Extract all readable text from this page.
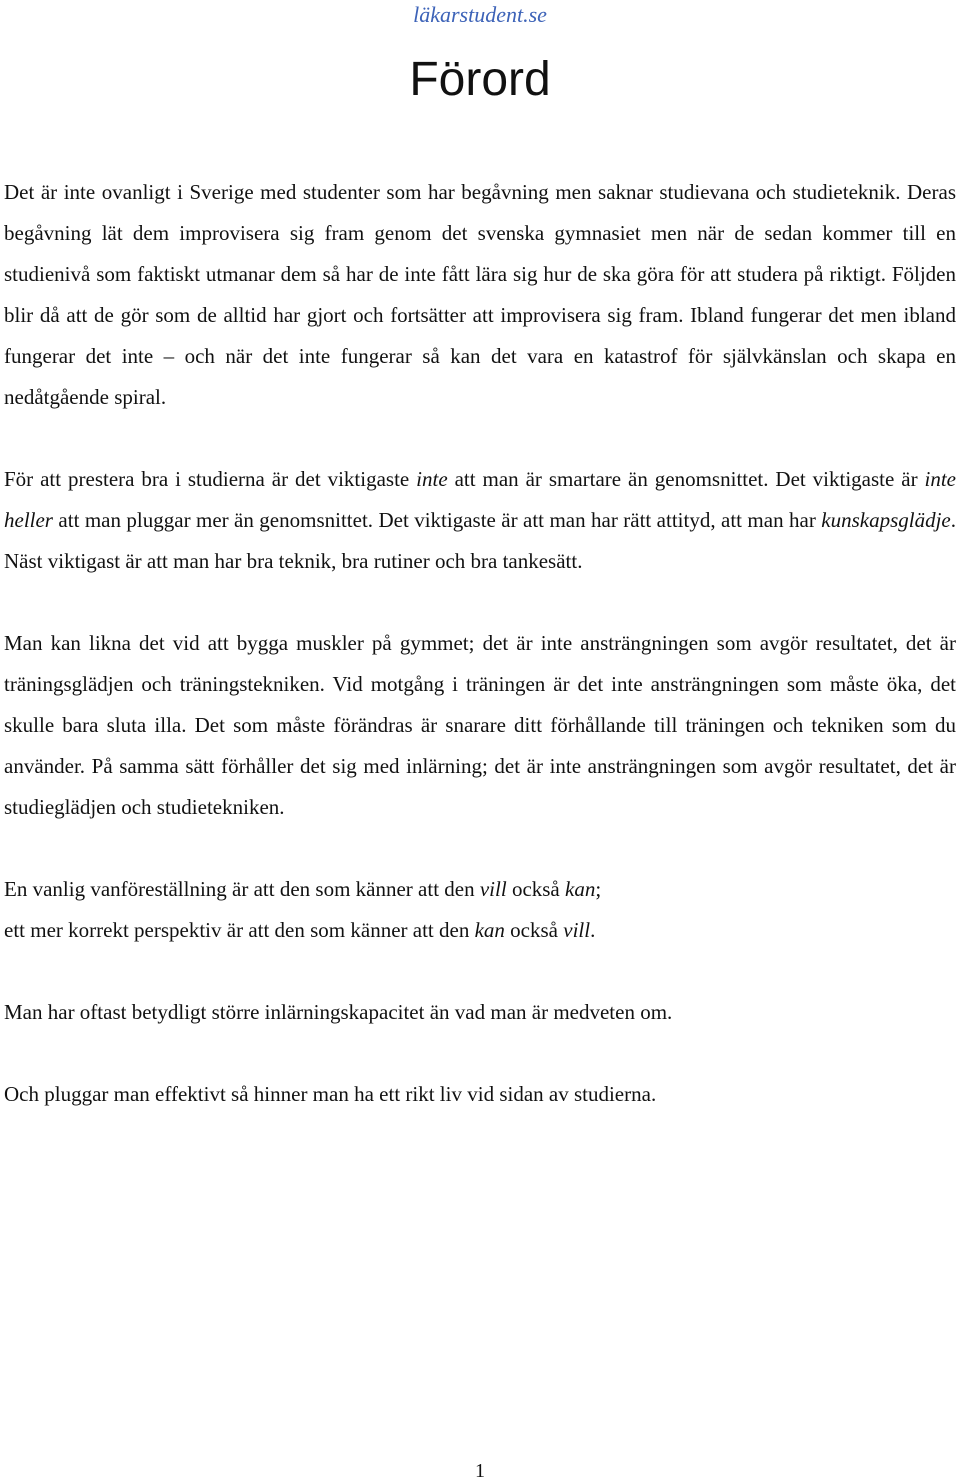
läkarstudent.se
Förord

Det är inte ovanligt i Sverige med studenter som har begåvning men saknar studievana och studieteknik. Deras begåvning lät dem improvisera sig fram genom det svenska gymnasiet men när de sedan kommer till en studienivå som faktiskt utmanar dem så har de inte fått lära sig hur de ska göra för att studera på riktigt. Följden blir då att de gör som de alltid har gjort och fortsätter att improvisera sig fram. Ibland fungerar det men ibland fungerar det inte – och när det inte fungerar så kan det vara en katastrof för självkänslan och skapa en nedåtgående spiral.

För att prestera bra i studierna är det viktigaste inte att man är smartare än genomsnittet. Det viktigaste är inte heller att man pluggar mer än genomsnittet. Det viktigaste är att man har rätt attityd, att man har kunskapsglädje. Näst viktigast är att man har bra teknik, bra rutiner och bra tankesätt.

Man kan likna det vid att bygga muskler på gymmet; det är inte ansträngningen som avgör resultatet, det är träningsglädjen och träningstekniken. Vid motgång i träningen är det inte ansträngningen som måste öka, det skulle bara sluta illa. Det som måste förändras är snarare ditt förhållande till träningen och tekniken som du använder. På samma sätt förhåller det sig med inlärning; det är inte ansträngningen som avgör resultatet, det är studieglädjen och studietekniken.

En vanlig vanföreställning är att den som känner att den vill också kan;
ett mer korrekt perspektiv är att den som känner att den kan också vill.

Man har oftast betydligt större inlärningskapacitet än vad man är medveten om.

Och pluggar man effektivt så hinner man ha ett rikt liv vid sidan av studierna.

1
